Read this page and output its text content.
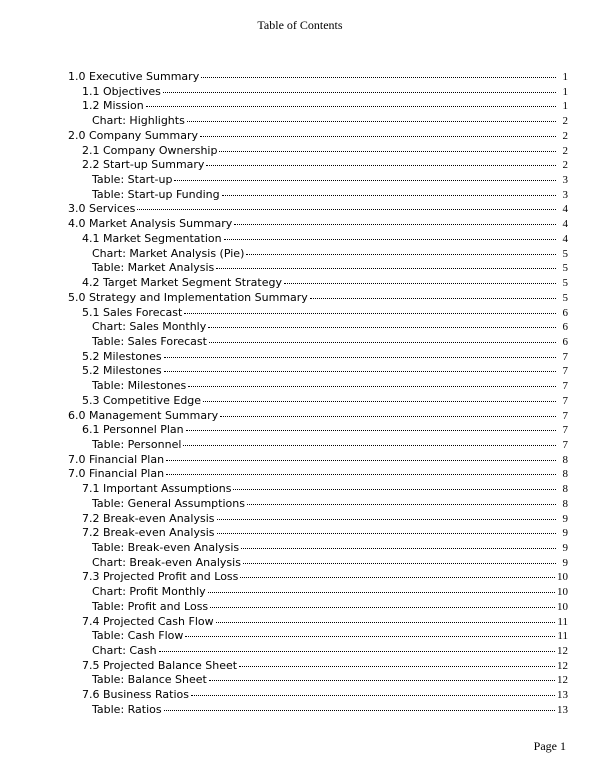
Table of Contents
1.0 Executive Summary	1
1.1 Objectives	1
1.2 Mission	1
Chart: Highlights	2
2.0 Company Summary	2
2.1 Company Ownership	2
2.2 Start-up Summary	2
Table: Start-up	3
Table: Start-up Funding	3
3.0 Services	4
4.0 Market Analysis Summary	4
4.1 Market Segmentation	4
Chart: Market Analysis (Pie)	5
Table: Market Analysis	5
4.2 Target Market Segment Strategy	5
5.0 Strategy and Implementation Summary	5
5.1 Sales Forecast	6
Chart: Sales Monthly	6
Table: Sales Forecast	6
5.2 Milestones	7
5.2 Milestones	7
Table: Milestones	7
5.3 Competitive Edge	7
6.0 Management Summary	7
6.1 Personnel Plan	7
Table: Personnel	7
7.0 Financial Plan	8
7.0 Financial Plan	8
7.1 Important Assumptions	8
Table: General Assumptions	8
7.2 Break-even Analysis	9
7.2 Break-even Analysis	9
Table: Break-even Analysis	9
Chart: Break-even Analysis	9
7.3 Projected Profit and Loss	10
Chart: Profit Monthly	10
Table: Profit and Loss	10
7.4 Projected Cash Flow	11
Table: Cash Flow	11
Chart: Cash	12
7.5 Projected Balance Sheet	12
Table: Balance Sheet	12
7.6 Business Ratios	13
Table: Ratios	13
Page 1
